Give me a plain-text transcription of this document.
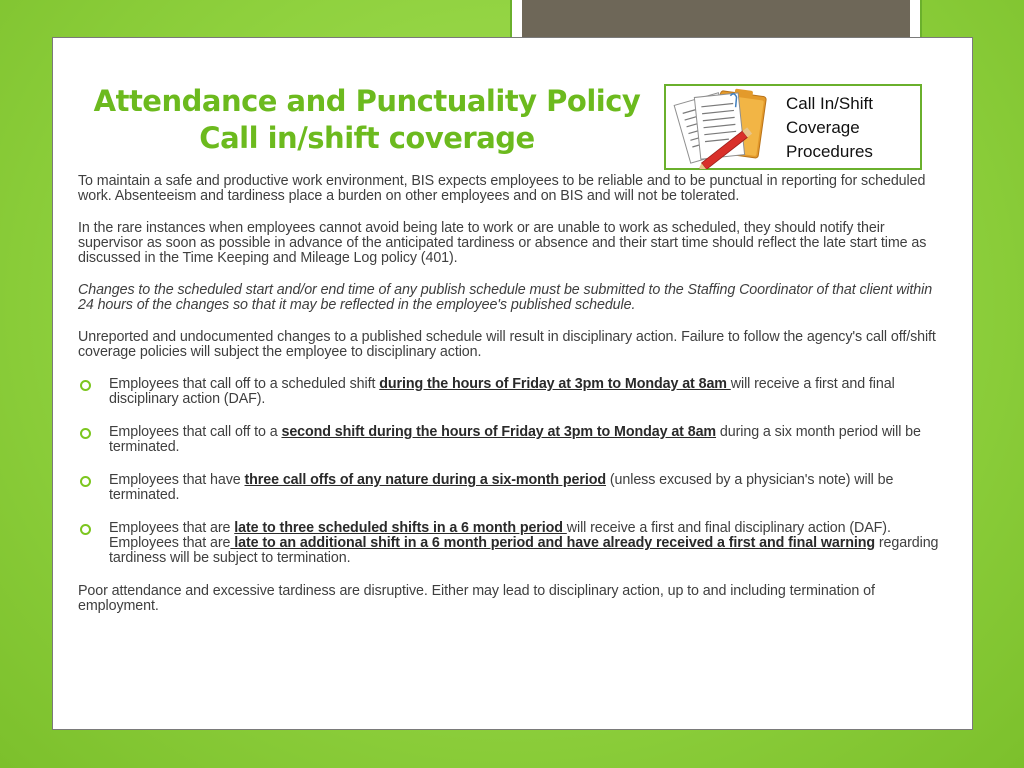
Attendance and Punctuality Policy
Call in/shift coverage
Call In/Shift
Coverage
Procedures

To maintain a safe and productive work environment, BIS expects employees to be reliable and to be punctual in reporting for scheduled work. Absenteeism and tardiness place a burden on other employees and on BIS and will not be tolerated.

In the rare instances when employees cannot avoid being late to work or are unable to work as scheduled, they should notify their supervisor as soon as possible in advance of the anticipated tardiness or absence and their start time should reflect the late start time as discussed in the Time Keeping and Mileage Log policy (401).

Changes to the scheduled start and/or end time of any publish schedule must be submitted to the Staffing Coordinator of that client within 24 hours of the changes so that it may be reflected in the employee's published schedule.

Unreported and undocumented changes to a published schedule will result in disciplinary action. Failure to follow the agency's call off/shift coverage policies will subject the employee to disciplinary action.

Employees that call off to a scheduled shift during the hours of Friday at 3pm to Monday at 8am will receive a first and final disciplinary action (DAF).
Employees that call off to a second shift during the hours of Friday at 3pm to Monday at 8am during a six month period will be terminated.
Employees that have three call offs of any nature during a six-month period (unless excused by a physician's note) will be terminated.
Employees that are late to three scheduled shifts in a 6 month period will receive a first and final disciplinary action (DAF). Employees that are late to an additional shift in a 6 month period and have already received a first and final warning regarding tardiness will be subject to termination.

Poor attendance and excessive tardiness are disruptive. Either may lead to disciplinary action, up to and including termination of employment.
